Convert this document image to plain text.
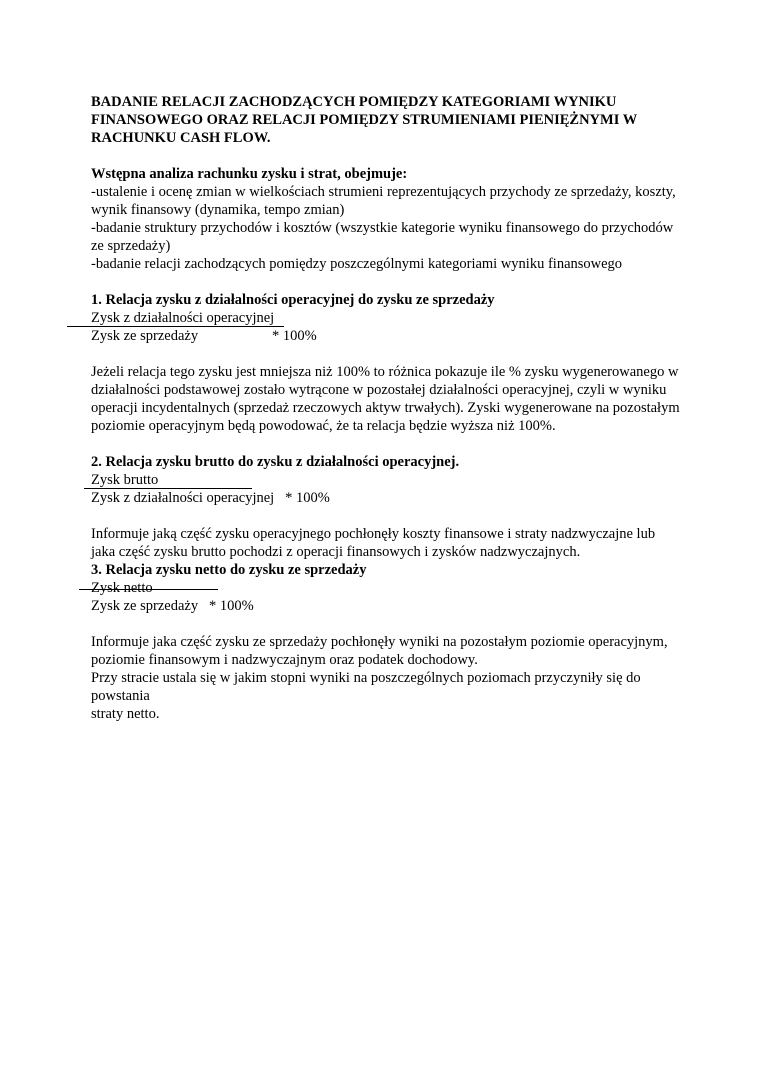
BADANIE RELACJI ZACHODZĄCYCH POMIĘDZY KATEGORIAMI WYNIKU FINANSOWEGO ORAZ RELACJI POMIĘDZY STRUMIENIAMI PIENIĘŻNYMI W RACHUNKU CASH FLOW.
Wstępna analiza rachunku zysku i strat, obejmuje:
-ustalenie i ocenę zmian w wielkościach strumieni reprezentujących przychody ze sprzedaży, koszty, wynik finansowy (dynamika, tempo zmian)
-badanie struktury przychodów i kosztów (wszystkie kategorie wyniku finansowego do przychodów ze sprzedaży)
-badanie relacji zachodzących pomiędzy poszczególnymi kategoriami wyniku finansowego
1. Relacja zysku z działalności operacyjnej do zysku ze sprzedaży
Zysk z działalności operacyjnej
Zysk ze sprzedaży	* 100%
Jeżeli relacja tego zysku jest mniejsza niż 100% to różnica pokazuje ile % zysku wygenerowanego w działalności podstawowej zostało wytrącone w pozostałej działalności operacyjnej, czyli w wyniku operacji incydentalnych (sprzedaż rzeczowych aktyw trwałych). Zyski wygenerowane na pozostałym poziomie operacyjnym będą powodować, że ta relacja będzie wyższa niż 100%.
2. Relacja zysku brutto do zysku z działalności operacyjnej.
Zysk brutto
Zysk z działalności operacyjnej * 100%
Informuje jaką część zysku operacyjnego pochłonęły koszty finansowe i straty nadzwyczajne lub jaka część zysku brutto pochodzi z operacji finansowych i zysków nadzwyczajnych.
3. Relacja zysku netto do zysku ze sprzedaży
Zysk netto
Zysk ze sprzedaży * 100%
Informuje jaka część zysku ze sprzedaży pochłonęły wyniki na pozostałym poziomie operacyjnym, poziomie finansowym i nadzwyczajnym oraz podatek dochodowy.
Przy stracie ustala się w jakim stopni wyniki na poszczególnych poziomach przyczyniły się do powstania
straty netto.
